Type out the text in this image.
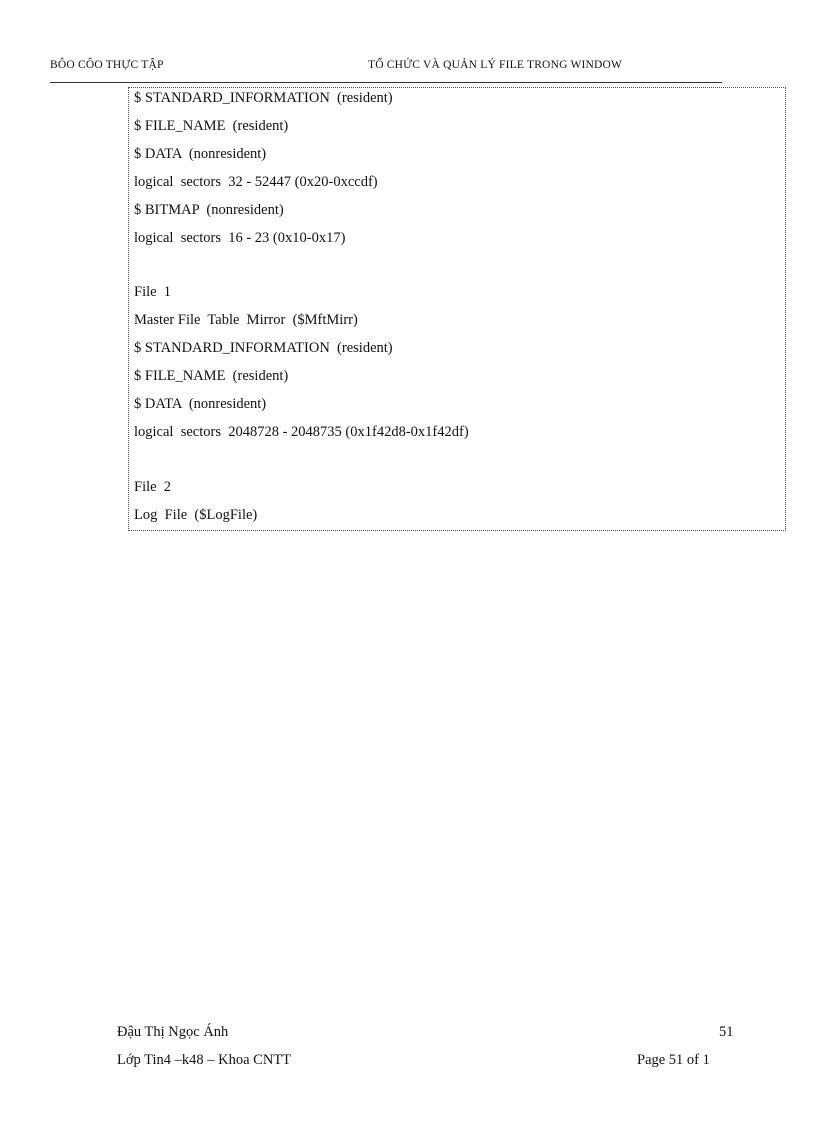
BÔO CÔO THỰC TẬP	TỔ CHỨC VÀ QUẢN LÝ FILE TRONG WINDOW
$ STANDARD_INFORMATION  (resident)
$ FILE_NAME  (resident)
$ DATA  (nonresident)
logical  sectors  32 - 52447 (0x20-0xccdf)
$ BITMAP  (nonresident)
logical  sectors  16 - 23 (0x10-0x17)
File  1
Master File  Table  Mirror  ($MftMirr)
$ STANDARD_INFORMATION  (resident)
$ FILE_NAME  (resident)
$ DATA  (nonresident)
logical  sectors  2048728 - 2048735 (0x1f42d8-0x1f42df)
File  2
Log  File  ($LogFile)
Đậu Thị Ngọc Ánh
Lớp Tin4 –k48 – Khoa CNTT
51
Page 51 of 1
